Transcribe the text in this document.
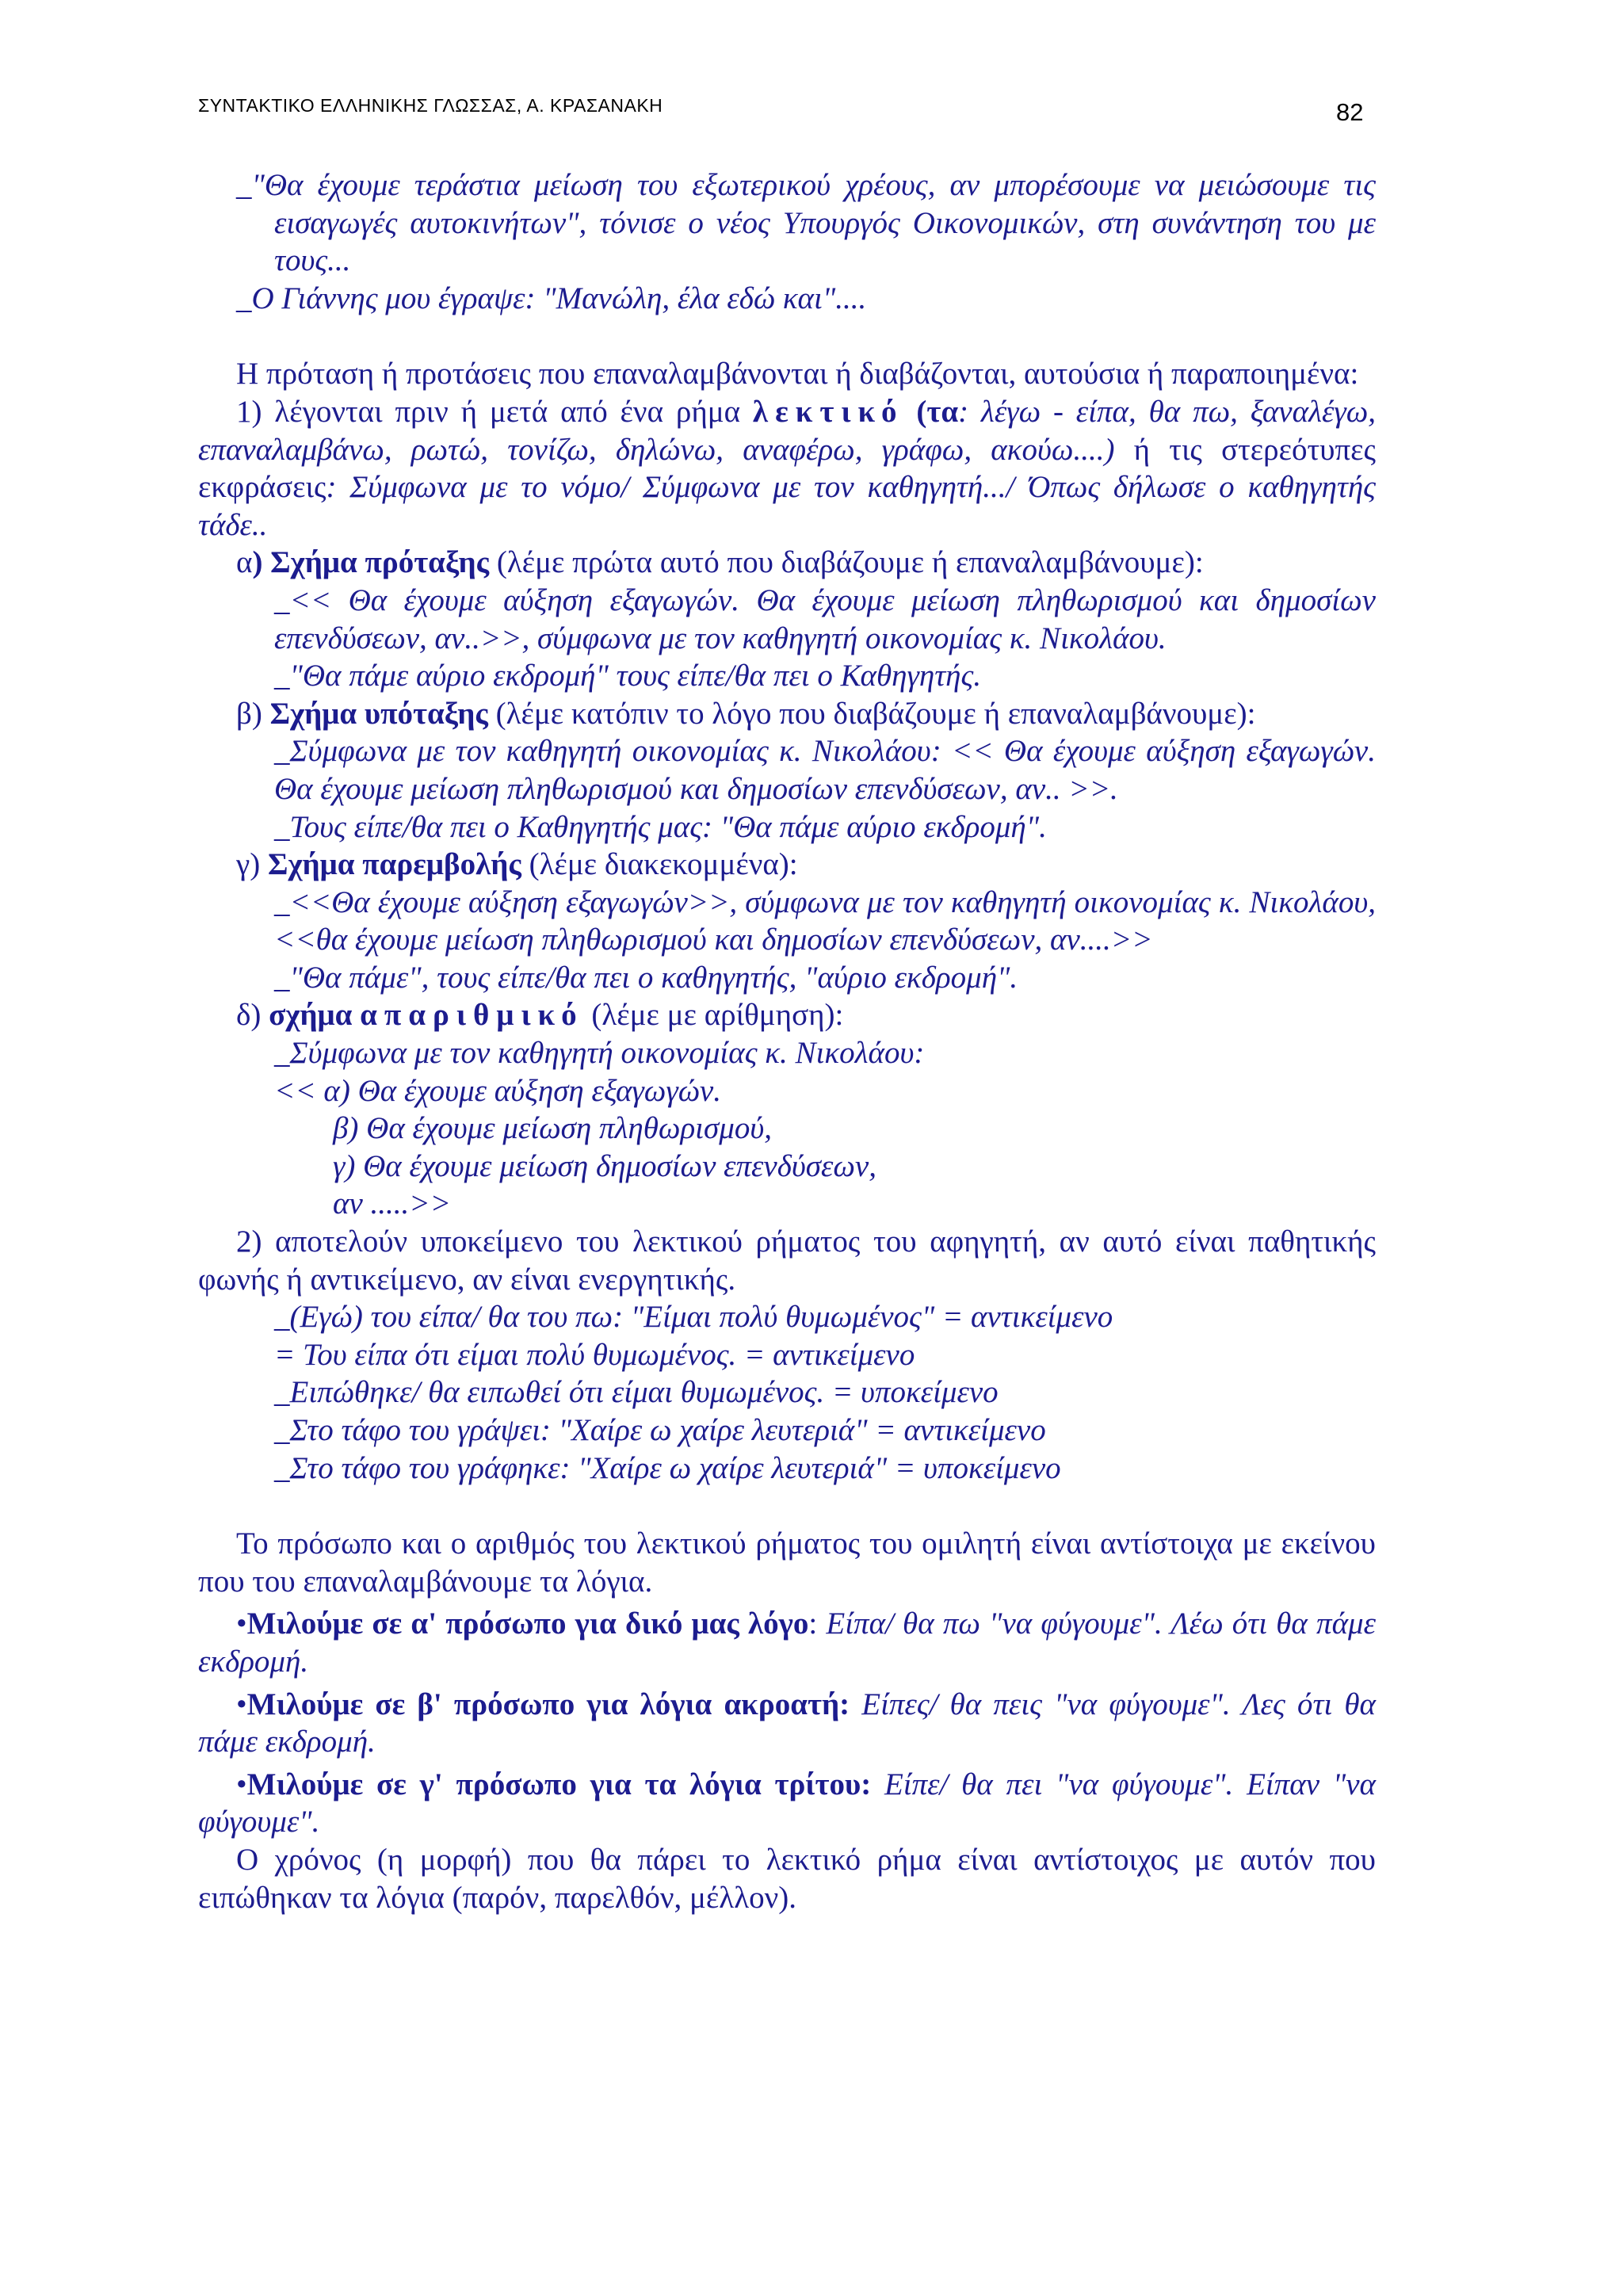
ΣΥΝΤΑΚΤΙΚΟ ΕΛΛΗΝΙΚΗΣ ΓΛΩΣΣΑΣ, Α. ΚΡΑΣΑΝΑΚΗ	82

_"Θα έχουμε τεράστια μείωση του εξωτερικού χρέους, αν μπορέσουμε να μειώσουμε τις εισαγωγές αυτοκινήτων", τόνισε ο νέος Υπουργός Οικονομικών, στη συνάντηση του με τους...

_Ο Γιάννης μου έγραψε: "Μανώλη, έλα εδώ και"....

Η πρόταση ή προτάσεις που επαναλαμβάνονται ή διαβάζονται, αυτούσια ή παραποιημένα:

1) λέγονται πριν ή μετά από ένα ρήμα λεκτικό (τα: λέγω - είπα, θα πω, ξαναλέγω, επαναλαμβάνω, ρωτώ, τονίζω, δηλώνω, αναφέρω, γράφω, ακούω....) ή τις στερεότυπες εκφράσεις: Σύμφωνα με το νόμο/ Σύμφωνα με τον καθηγητή.../ Όπως δήλωσε ο καθηγητής τάδε..

α) Σχήμα πρόταξης (λέμε πρώτα αυτό που διαβάζουμε ή επαναλαμβάνουμε):

_<< Θα έχουμε αύξηση εξαγωγών. Θα έχουμε μείωση πληθωρισμού και δημοσίων επενδύσεων, αν..>>, σύμφωνα με τον καθηγητή οικονομίας κ. Νικολάου.

_"Θα πάμε αύριο εκδρομή" τους είπε/θα πει ο Καθηγητής.

β) Σχήμα υπόταξης (λέμε κατόπιν το λόγο που διαβάζουμε ή επαναλαμβάνουμε):

_Σύμφωνα με τον καθηγητή οικονομίας κ. Νικολάου: << Θα έχουμε αύξηση εξαγωγών. Θα έχουμε μείωση πληθωρισμού και δημοσίων επενδύσεων, αν.. >>.

_Τους είπε/θα πει ο Καθηγητής μας: "Θα πάμε αύριο εκδρομή".

γ) Σχήμα παρεμβολής (λέμε διακεκομμένα):

_<<Θα έχουμε αύξηση εξαγωγών>>, σύμφωνα με τον καθηγητή οικονομίας κ. Νικολάου, <<θα έχουμε μείωση πληθωρισμού και δημοσίων επενδύσεων, αν....>>

_"Θα πάμε", τους είπε/θα πει ο καθηγητής, "αύριο εκδρομή".

δ) σχήμα απαριθμικό (λέμε με αρίθμηση):

_Σύμφωνα με τον καθηγητή οικονομίας κ. Νικολάου:

<< α) Θα έχουμε αύξηση εξαγωγών.

β) Θα έχουμε μείωση πληθωρισμού,

γ) Θα έχουμε μείωση δημοσίων επενδύσεων,

αν .....>>

2) αποτελούν υποκείμενο του λεκτικού ρήματος του αφηγητή, αν αυτό είναι παθητικής φωνής ή αντικείμενο, αν είναι ενεργητικής.

_(Εγώ) του είπα/ θα του πω: "Είμαι πολύ θυμωμένος" = αντικείμενο

= Του είπα ότι είμαι πολύ θυμωμένος. = αντικείμενο

_Ειπώθηκε/ θα ειπωθεί ότι είμαι θυμωμένος. = υποκείμενο

_Στο τάφο του γράψει: "Χαίρε ω χαίρε λευτεριά" = αντικείμενο

_Στο τάφο του γράφηκε: "Χαίρε ω χαίρε λευτεριά" = υποκείμενο

Το πρόσωπο και ο αριθμός του λεκτικού ρήματος του ομιλητή είναι αντίστοιχα με εκείνου που του επαναλαμβάνουμε τα λόγια.

•Μιλούμε σε α' πρόσωπο για δικό μας λόγο: Είπα/ θα πω "να φύγουμε". Λέω ότι θα πάμε εκδρομή.

•Μιλούμε σε β' πρόσωπο για λόγια ακροατή: Είπες/ θα πεις "να φύγουμε". Λες ότι θα πάμε εκδρομή.

•Μιλούμε σε γ' πρόσωπο για τα λόγια τρίτου: Είπε/ θα πει "να φύγουμε". Είπαν "να φύγουμε".

Ο χρόνος (η μορφή) που θα πάρει το λεκτικό ρήμα είναι αντίστοιχος με αυτόν που ειπώθηκαν τα λόγια (παρόν, παρελθόν, μέλλον).
